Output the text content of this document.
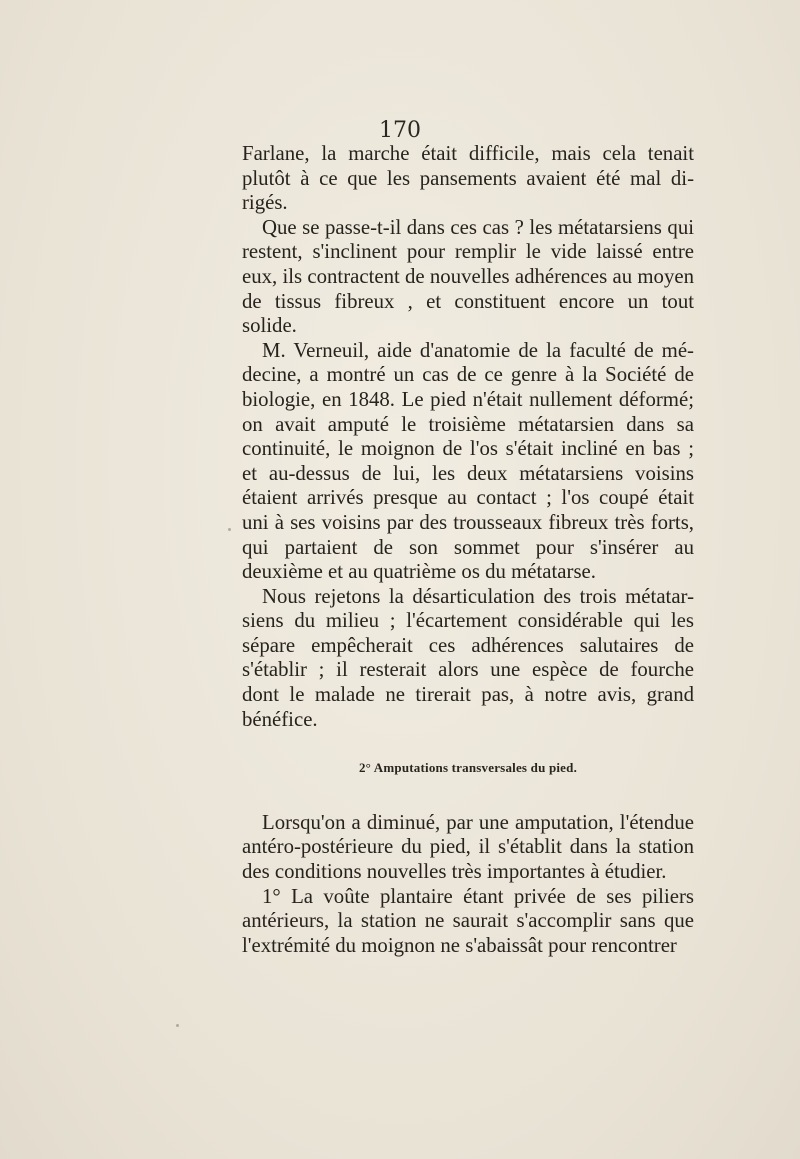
170
Farlane, la marche était difficile, mais cela tenait
plutôt à ce que les pansements avaient été mal di-
rigés.
Que se passe-t-il dans ces cas ? les métatarsiens qui
restent, s'inclinent pour remplir le vide laissé entre
eux, ils contractent de nouvelles adhérences au moyen
de tissus fibreux , et constituent encore un tout
solide.
M. Verneuil, aide d'anatomie de la faculté de mé-
decine, a montré un cas de ce genre à la Société de
biologie, en 1848. Le pied n'était nullement déformé;
on avait amputé le troisième métatarsien dans sa
continuité, le moignon de l'os s'était incliné en bas ;
et au-dessus de lui, les deux métatarsiens voisins
étaient arrivés presque au contact ; l'os coupé était
uni à ses voisins par des trousseaux fibreux très forts,
qui partaient de son sommet pour s'insérer au
deuxième et au quatrième os du métatarse.
Nous rejetons la désarticulation des trois métatar-
siens du milieu ; l'écartement considérable qui les
sépare empêcherait ces adhérences salutaires de
s'établir ; il resterait alors une espèce de fourche
dont le malade ne tirerait pas, à notre avis, grand
bénéfice.
2° Amputations transversales du pied.
Lorsqu'on a diminué, par une amputation, l'étendue
antéro-postérieure du pied, il s'établit dans la station
des conditions nouvelles très importantes à étudier.
1° La voûte plantaire étant privée de ses piliers
antérieurs, la station ne saurait s'accomplir sans que
l'extrémité du moignon ne s'abaissât pour rencontrer
